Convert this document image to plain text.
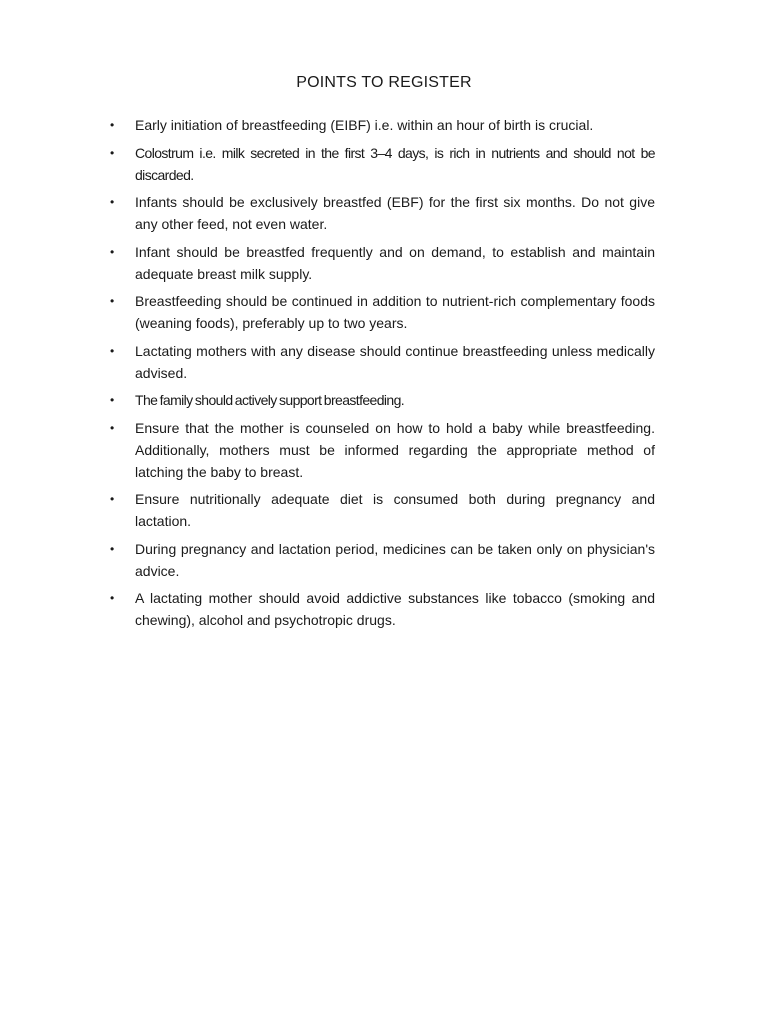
POINTS TO REGISTER
•	Early initiation of breastfeeding (EIBF) i.e. within an hour of birth is crucial.
•	Colostrum i.e. milk secreted in the first 3–4 days, is rich in nutrients and should not be discarded.
•	Infants should be exclusively breastfed (EBF) for the first six months. Do not give any other feed, not even water.
•	Infant should be breastfed frequently and on demand, to establish and maintain adequate breast milk supply.
•	Breastfeeding should be continued in addition to nutrient-rich complementary foods (weaning foods), preferably up to two years.
•	Lactating mothers with any disease should continue breastfeeding unless medically advised.
•	The family should actively support breastfeeding.
•	Ensure that the mother is counseled on how to hold a baby while breastfeeding. Additionally, mothers must be informed regarding the appropriate method of latching the baby to breast.
•	Ensure nutritionally adequate diet is consumed both during pregnancy and lactation.
•	During pregnancy and lactation period, medicines can be taken only on physician's advice.
•	A lactating mother should avoid addictive substances like tobacco (smoking and chewing), alcohol and psychotropic drugs.
